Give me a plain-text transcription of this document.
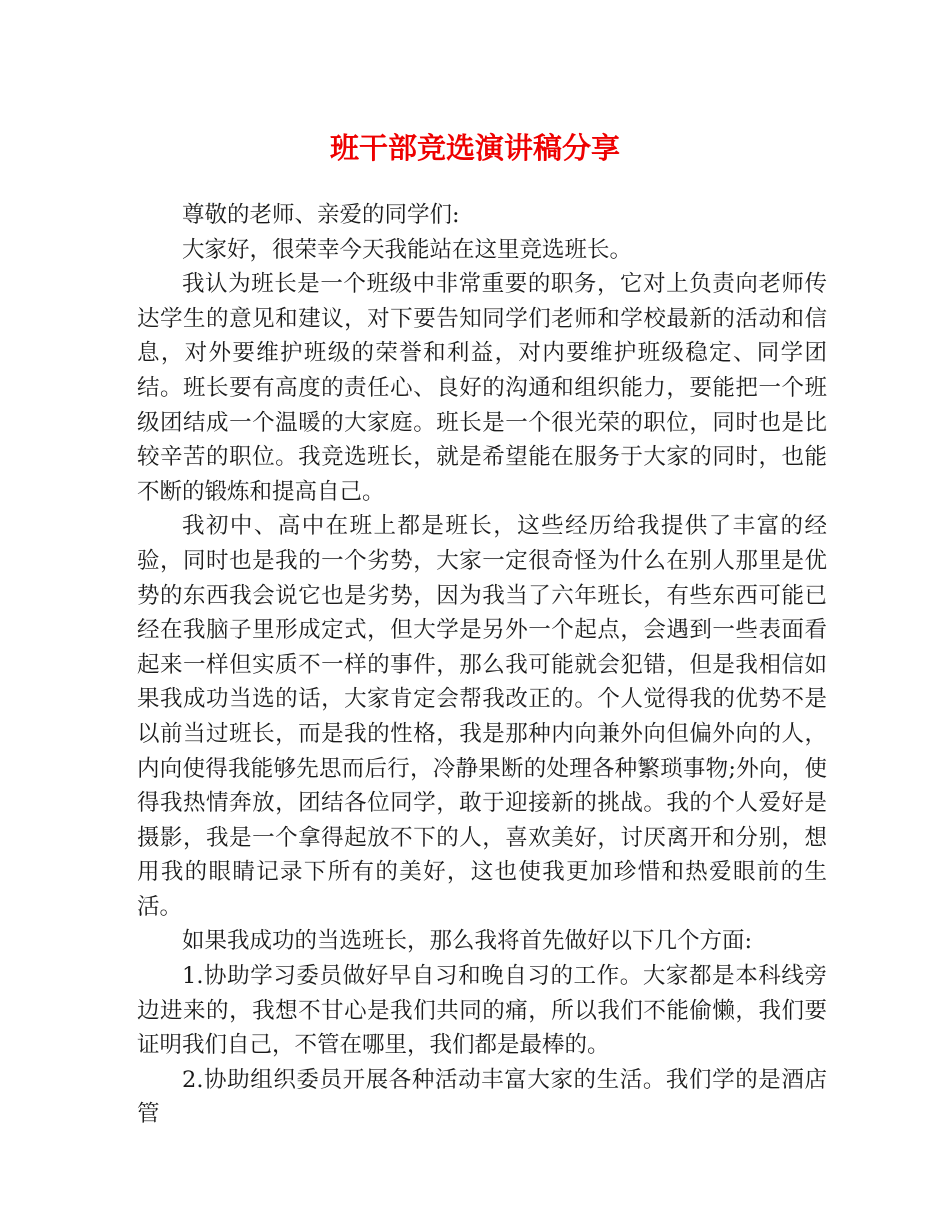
班干部竞选演讲稿分享

尊敬的老师、亲爱的同学们:

大家好，很荣幸今天我能站在这里竞选班长。

我认为班长是一个班级中非常重要的职务，它对上负责向老师传达学生的意见和建议，对下要告知同学们老师和学校最新的活动和信息，对外要维护班级的荣誉和利益，对内要维护班级稳定、同学团结。班长要有高度的责任心、良好的沟通和组织能力，要能把一个班级团结成一个温暖的大家庭。班长是一个很光荣的职位，同时也是比较辛苦的职位。我竞选班长，就是希望能在服务于大家的同时，也能不断的锻炼和提高自己。

我初中、高中在班上都是班长，这些经历给我提供了丰富的经验，同时也是我的一个劣势，大家一定很奇怪为什么在别人那里是优势的东西我会说它也是劣势，因为我当了六年班长，有些东西可能已经在我脑子里形成定式，但大学是另外一个起点，会遇到一些表面看起来一样但实质不一样的事件，那么我可能就会犯错，但是我相信如果我成功当选的话，大家肯定会帮我改正的。个人觉得我的优势不是以前当过班长，而是我的性格，我是那种内向兼外向但偏外向的人，内向使得我能够先思而后行，冷静果断的处理各种繁琐事物;外向，使得我热情奔放，团结各位同学，敢于迎接新的挑战。我的个人爱好是摄影，我是一个拿得起放不下的人，喜欢美好，讨厌离开和分别，想用我的眼睛记录下所有的美好，这也使我更加珍惜和热爱眼前的生活。

如果我成功的当选班长，那么我将首先做好以下几个方面:

1.协助学习委员做好早自习和晚自习的工作。大家都是本科线旁边进来的，我想不甘心是我们共同的痛，所以我们不能偷懒，我们要证明我们自己，不管在哪里，我们都是最棒的。

2.协助组织委员开展各种活动丰富大家的生活。我们学的是酒店管
